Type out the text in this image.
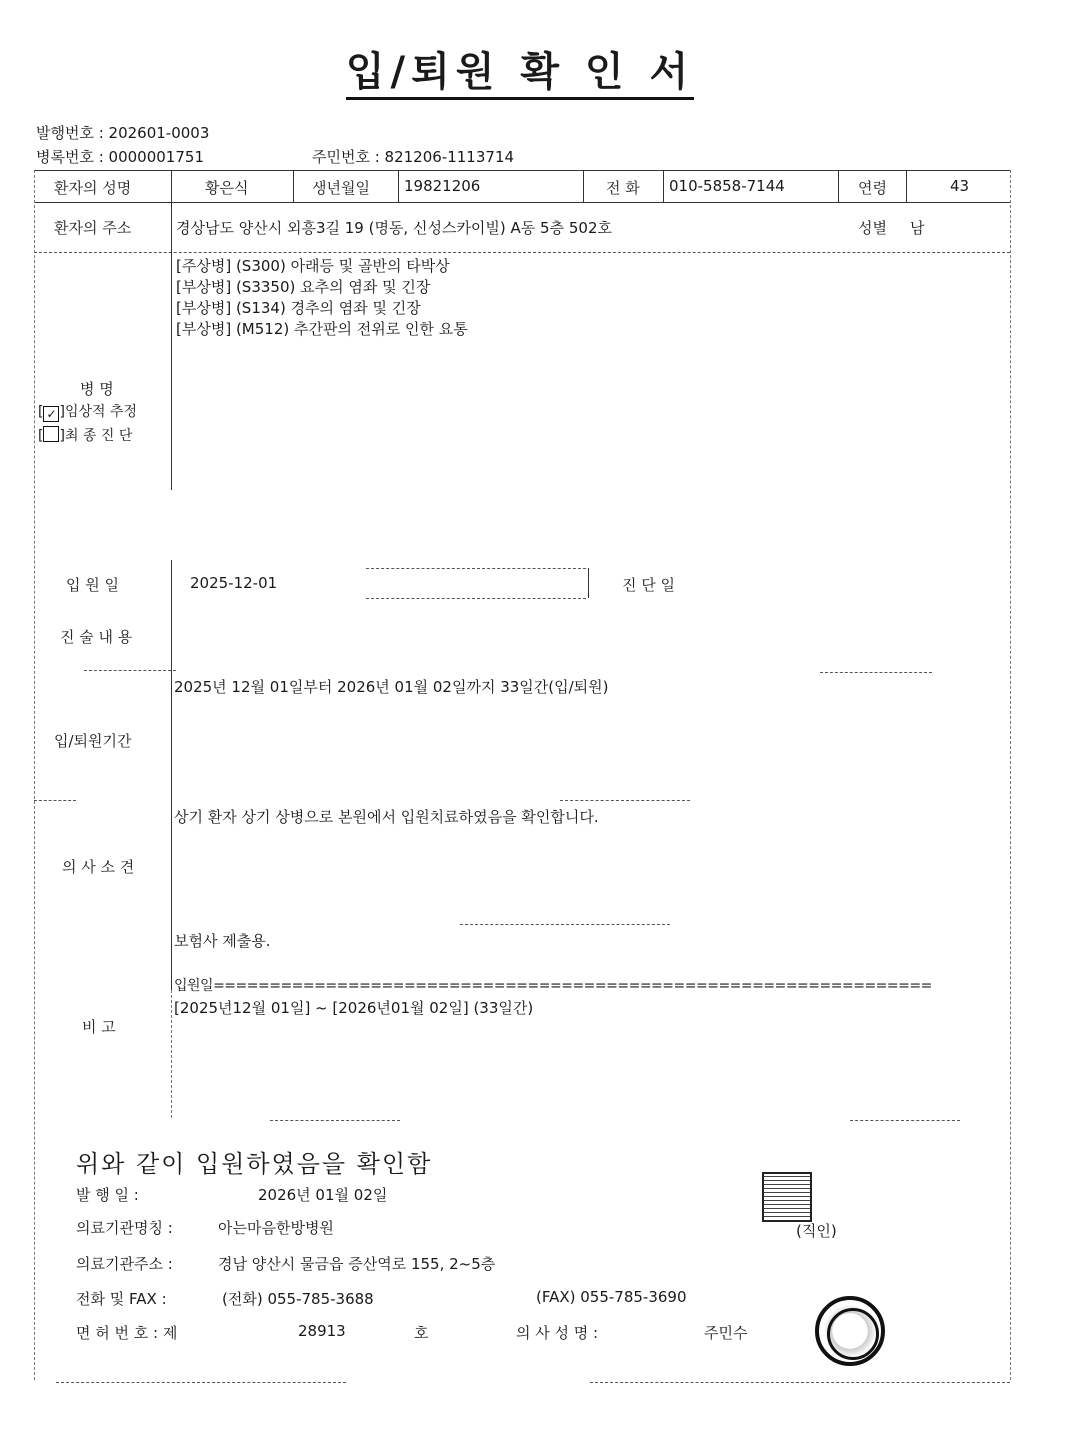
입/퇴원 확 인 서
발행번호 : 202601-0003
병록번호 : 0000001751	주민번호 : 821206-1113714
환자의 성명	황은식	생년월일 19821206	전 화 010-5858-7144	연령	43
환자의 주소	경상남도 양산시 외흥3길 19 (명동, 신성스카이빌) A동 5층 502호	성별 남
[주상병] (S300) 아래등 및 골반의 타박상
[부상병] (S3350) 요추의 염좌 및 긴장
[부상병] (S134) 경추의 염좌 및 긴장
[부상병] (M512) 추간판의 전위로 인한 요통
병 명
[ ✓ ]임상적 추정
[ ]최 종 진 단
입 원 일	2025-12-01	진 단 일
진 술 내 용
2025년 12월 01일부터 2026년 01월 02일까지 33일간(입/퇴원)
입/퇴원기간
상기 환자 상기 상병으로 본원에서 입원치료하였음을 확인합니다.
의 사 소 견
보험사 제출용.
입원일================================================================
[2025년12월 01일] ~ [2026년01월 02일] (33일간)
비 고
위와 같이 입원하였음을 확인함
발 행 일 :	2026년 01월 02일
의료기관명칭 :	아는마음한방병원	(직인)
의료기관주소 :	경남 양산시 물금읍 증산역로 155, 2~5층
전화 및 FAX :	(전화) 055-785-3688	(FAX) 055-785-3690
면 허 번 호 : 제	28913	호	의 사 성 명 :	주민수
